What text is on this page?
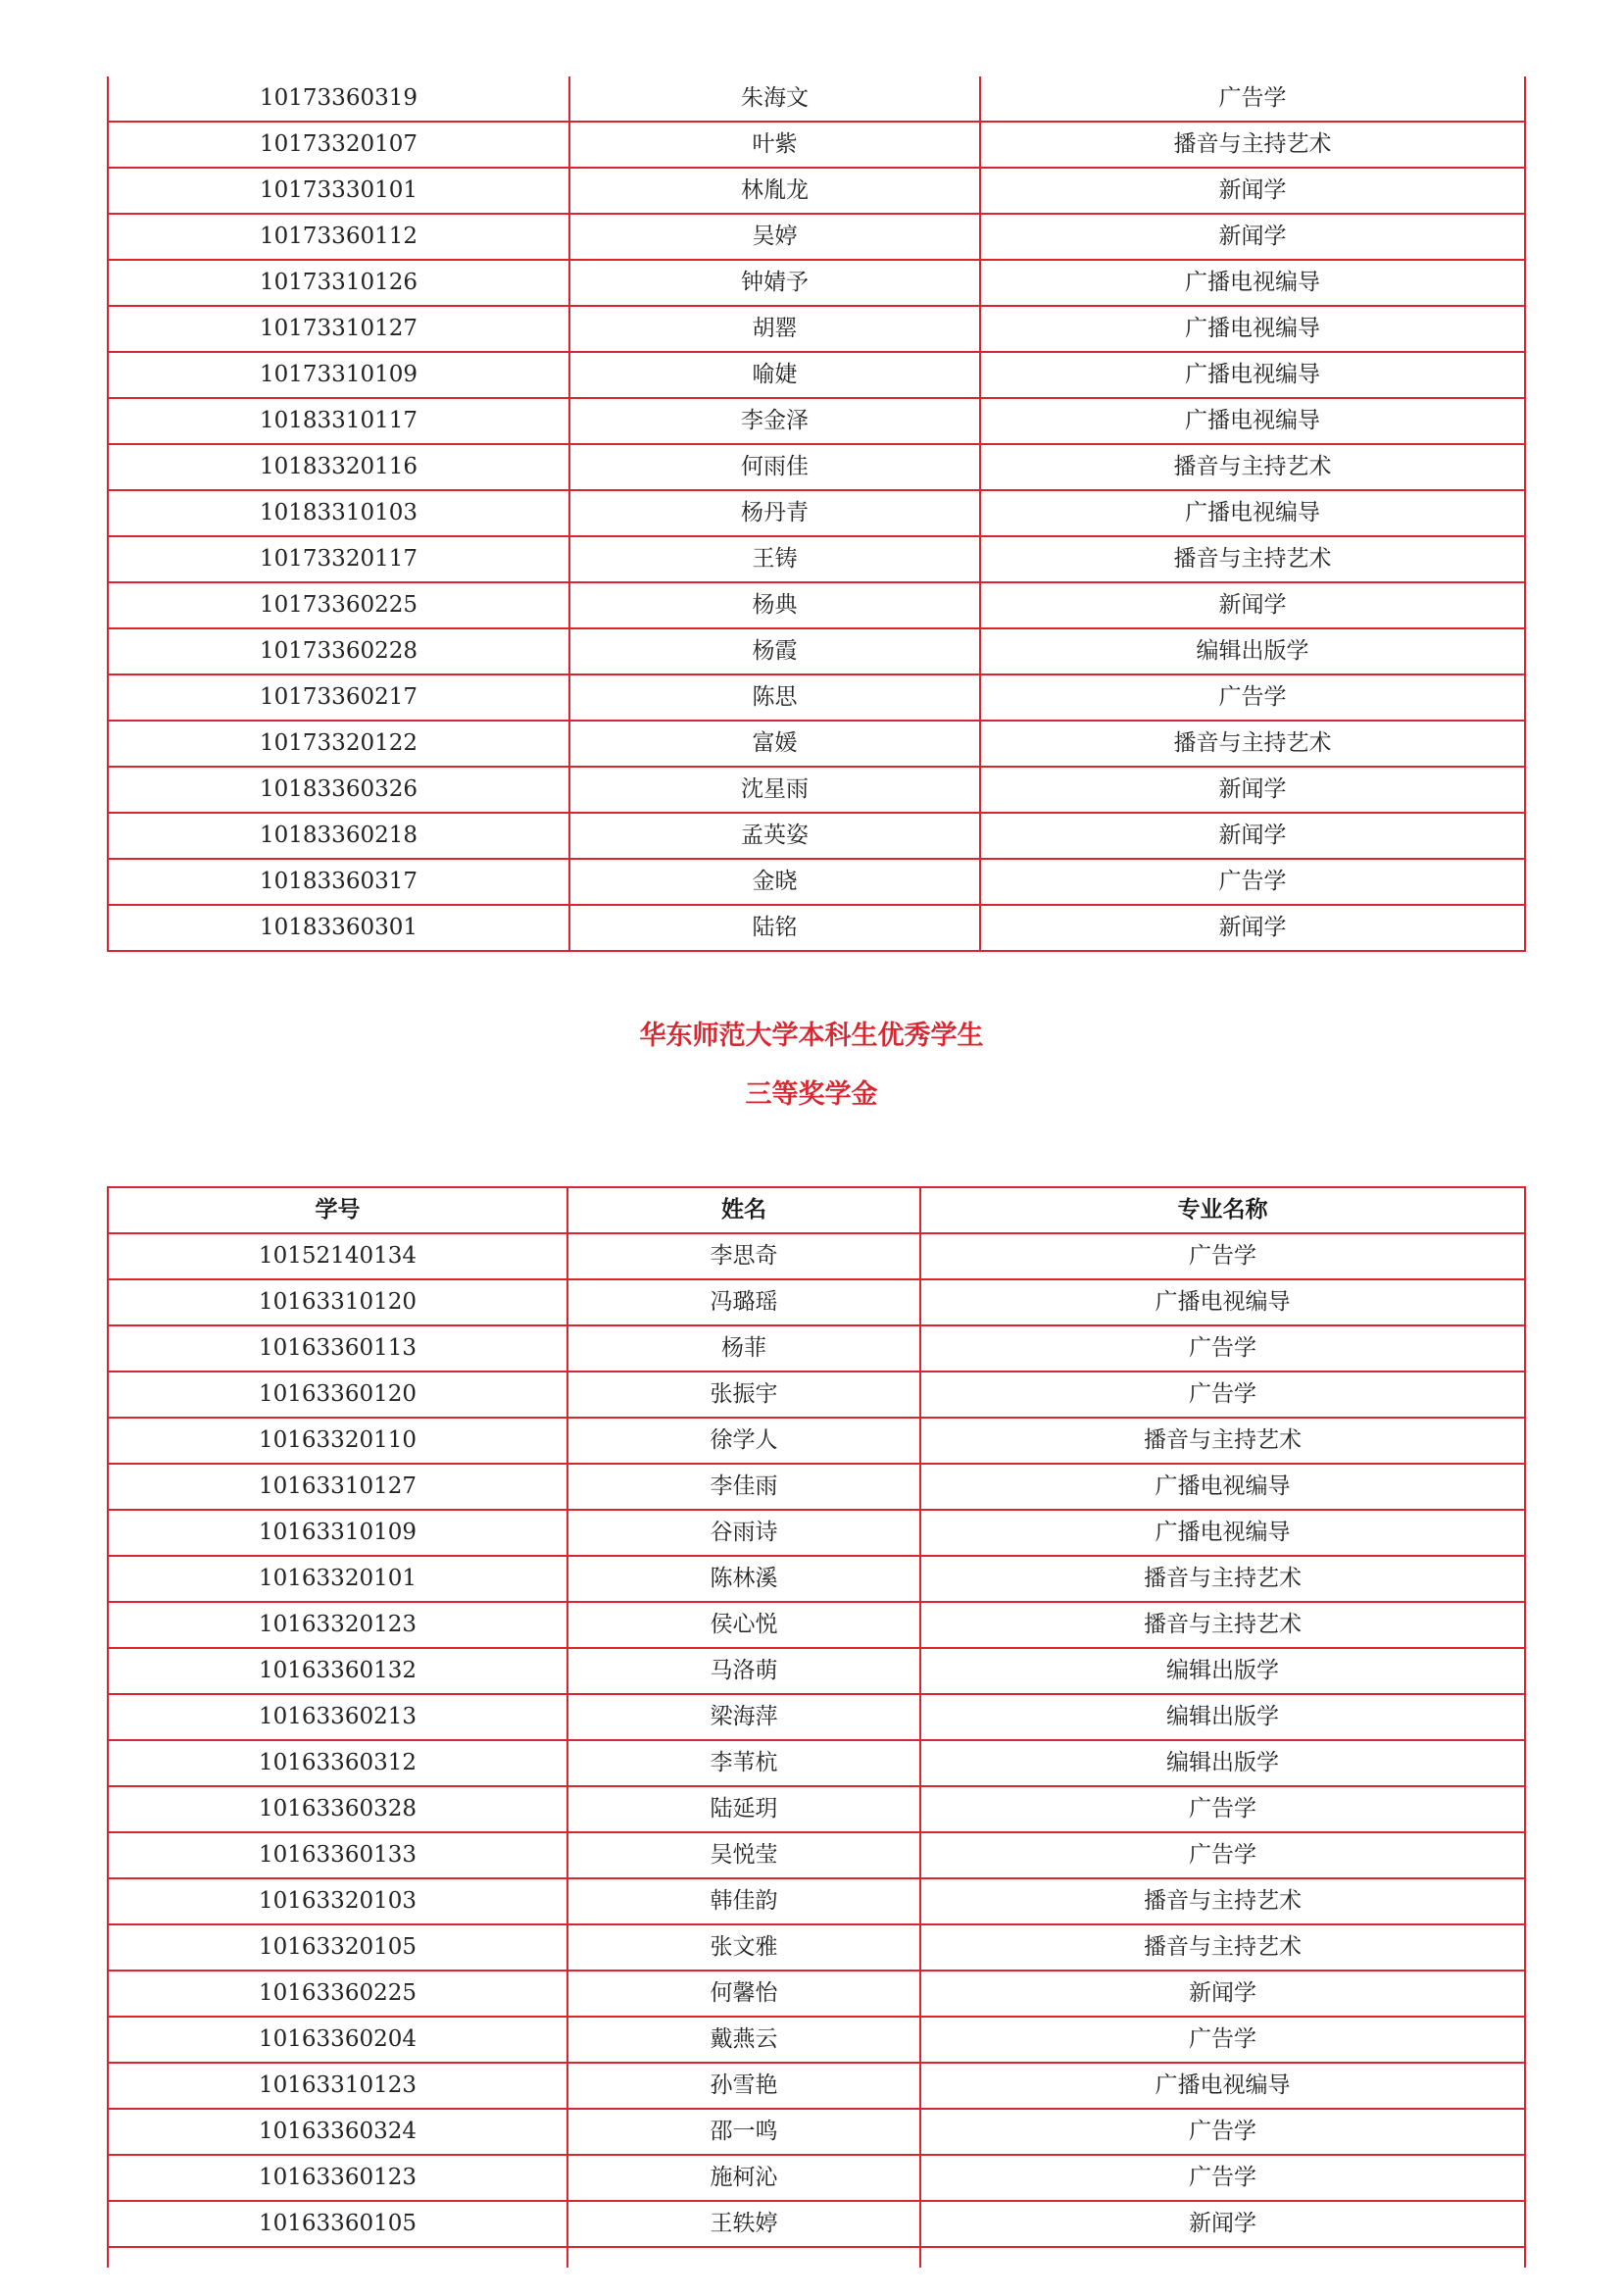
10173360319	朱海文	广告学
10173320107	叶紫	播音与主持艺术
10173330101	林胤龙	新闻学
10173360112	吴婷	新闻学
10173310126	钟婧予	广播电视编导
10173310127	胡罂	广播电视编导
10173310109	喻婕	广播电视编导
10183310117	李金泽	广播电视编导
10183320116	何雨佳	播音与主持艺术
10183310103	杨丹青	广播电视编导
10173320117	王铸	播音与主持艺术
10173360225	杨典	新闻学
10173360228	杨霞	编辑出版学
10173360217	陈思	广告学
10173320122	富媛	播音与主持艺术
10183360326	沈星雨	新闻学
10183360218	孟英姿	新闻学
10183360317	金晓	广告学
10183360301	陆铭	新闻学
华东师范大学本科生优秀学生
三等奖学金
学号	姓名	专业名称
10152140134	李思奇	广告学
10163310120	冯璐瑶	广播电视编导
10163360113	杨菲	广告学
10163360120	张振宇	广告学
10163320110	徐学人	播音与主持艺术
10163310127	李佳雨	广播电视编导
10163310109	谷雨诗	广播电视编导
10163320101	陈林溪	播音与主持艺术
10163320123	侯心悦	播音与主持艺术
10163360132	马洛萌	编辑出版学
10163360213	梁海萍	编辑出版学
10163360312	李苇杭	编辑出版学
10163360328	陆延玥	广告学
10163360133	吴悦莹	广告学
10163320103	韩佳韵	播音与主持艺术
10163320105	张文雅	播音与主持艺术
10163360225	何馨怡	新闻学
10163360204	戴燕云	广告学
10163310123	孙雪艳	广播电视编导
10163360324	邵一鸣	广告学
10163360123	施柯沁	广告学
10163360105	王轶婷	新闻学
